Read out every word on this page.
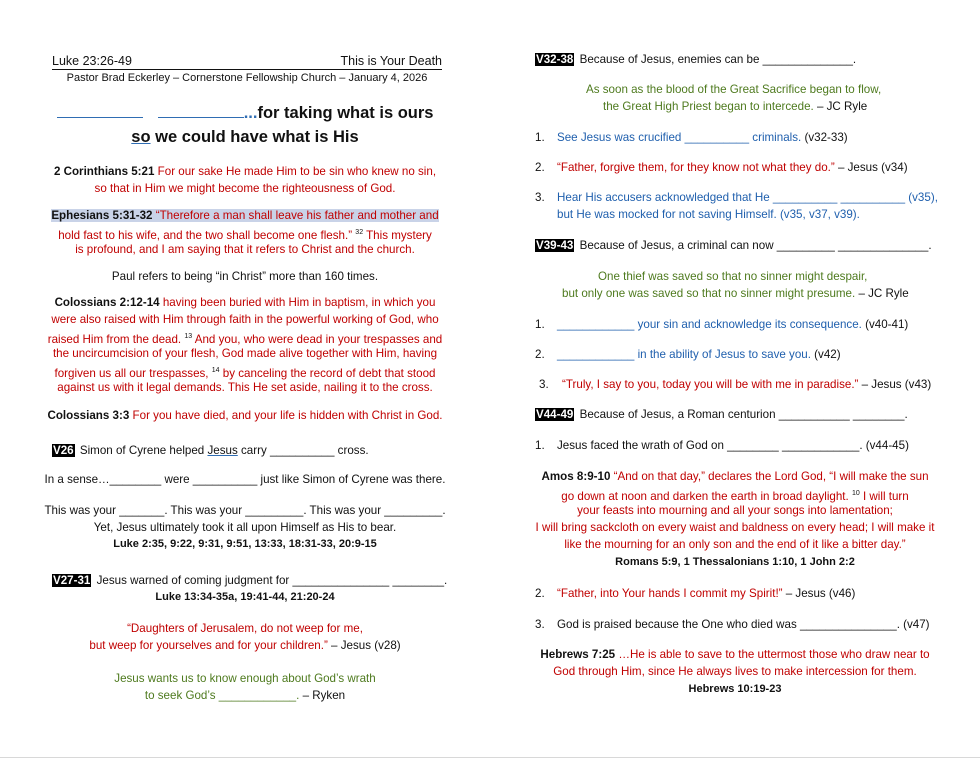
Luke 23:26-49	This is Your Death
Pastor Brad Eckerley – Cornerstone Fellowship Church – January 4, 2026
...for taking what is ours
so we could have what is His
2 Corinthians 5:21 For our sake He made Him to be sin who knew no sin,
so that in Him we might become the righteousness of God.
Ephesians 5:31-32 “Therefore a man shall leave his father and mother and
hold fast to his wife, and the two shall become one flesh.” $^{32}$ This mystery
is profound, and I am saying that it refers to Christ and the church.
Paul refers to being “in Christ” more than 160 times.
Colossians 2:12-14 having been buried with Him in baptism, in which you
were also raised with Him through faith in the powerful working of God, who
raised Him from the dead. $^{13}$ And you, who were dead in your trespasses and
the uncircumcision of your flesh, God made alive together with Him, having
forgiven us all our trespasses, $^{14}$ by canceling the record of debt that stood
against us with it legal demands. This He set aside, nailing it to the cross.
Colossians 3:3 For you have died, and your life is hidden with Christ in God.
V26 Simon of Cyrene helped Jesus carry __________ cross.
In a sense…________ were __________ just like Simon of Cyrene was there.
This was your _______. This was your _________. This was your _________.
Yet, Jesus ultimately took it all upon Himself as His to bear.
Luke 2:35, 9:22, 9:31, 9:51, 13:33, 18:31-33, 20:9-15
V27-31 Jesus warned of coming judgment for _______________ ________.
Luke 13:34-35a, 19:41-44, 21:20-24
“Daughters of Jerusalem, do not weep for me,
but weep for yourselves and for your children.” – Jesus (v28)
Jesus wants us to know enough about God’s wrath
to seek God’s ____________. – Ryken
V32-38 Because of Jesus, enemies can be ______________.
As soon as the blood of the Great Sacrifice began to flow,
the Great High Priest began to intercede. – JC Ryle
1. See Jesus was crucified __________ criminals. (v32-33)
2. “Father, forgive them, for they know not what they do.” – Jesus (v34)
3. Hear His accusers acknowledged that He __________ __________ (v35),
but He was mocked for not saving Himself. (v35, v37, v39).
V39-43 Because of Jesus, a criminal can now _________ ______________.
One thief was saved so that no sinner might despair,
but only one was saved so that no sinner might presume. – JC Ryle
1. ____________ your sin and acknowledge its consequence. (v40-41)
2. ____________ in the ability of Jesus to save you. (v42)
3. “Truly, I say to you, today you will be with me in paradise.” – Jesus (v43)
V44-49 Because of Jesus, a Roman centurion ___________ ________.
1. Jesus faced the wrath of God on ________ ____________. (v44-45)
Amos 8:9-10 “And on that day,” declares the Lord God, “I will make the sun
go down at noon and darken the earth in broad daylight. $^{10}$ I will turn
your feasts into mourning and all your songs into lamentation;
I will bring sackcloth on every waist and baldness on every head; I will make it
like the mourning for an only son and the end of it like a bitter day.”
Romans 5:9, 1 Thessalonians 1:10, 1 John 2:2
2. “Father, into Your hands I commit my Spirit!” – Jesus (v46)
3. God is praised because the One who died was _______________. (v47)
Hebrews 7:25 …He is able to save to the uttermost those who draw near to
God through Him, since He always lives to make intercession for them.
Hebrews 10:19-23
